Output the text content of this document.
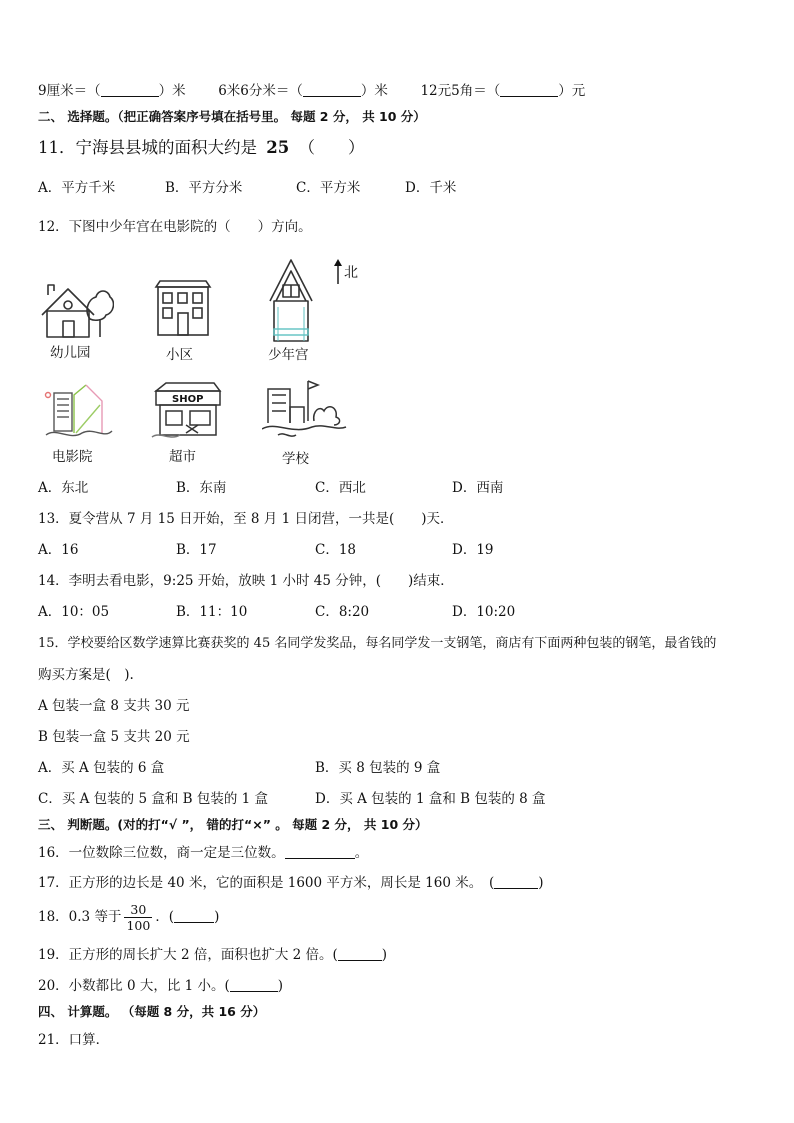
9厘米＝（	）米 6米6分米＝（	）米 12元5角＝（	）元
二、 选择题。（把正确答案序号填在括号里。 每题 2 分， 共 10 分）
11．宁海县县城的面积大约是 25 （　　）
A．平方千米	B．平方分米	C．平方米	D．千米
12．下图中少年宫在电影院的（　　）方向。
北
幼儿园	小区	少年宫
电影院
SHOP
超市	学校
A．东北	B．东南	C．西北	D．西南
13．夏令营从 7 月 15 日开始，至 8 月 1 日闭营，一共是(　　)天．
A．16	B．17	C．18	D．19
14．李明去看电影，9:25 开始，放映 1 小时 45 分钟，(　　)结束．
A．10：05	B．11：10	C．8:20	D．10:20
15．学校要给区数学速算比赛获奖的 45 名同学发奖品，每名同学发一支钢笔，商店有下面两种包装的钢笔，最省钱的
购买方案是(　).
A 包装一盒 8 支共 30 元
B 包装一盒 5 支共 20 元
A．买 A 包装的 6 盒	B．买 8 包装的 9 盒
C．买 A 包装的 5 盒和 B 包装的 1 盒	D．买 A 包装的 1 盒和 B 包装的 8 盒
三、 判断题。(对的打“√ ”， 错的打“×” 。 每题 2 分， 共 10 分）
16．一位数除三位数，商一定是三位数。	。
17．正方形的边长是 40 米，它的面积是 1600 平方米，周长是 160 米。　(	)
18．0.3 等于 $\frac{30}{100}$ ．(	)
19．正方形的周长扩大 2 倍，面积也扩大 2 倍。(	)
20．小数都比 0 大，比 1 小。(	)
四、 计算题。 （每题 8 分，共 16 分）
21．口算．
